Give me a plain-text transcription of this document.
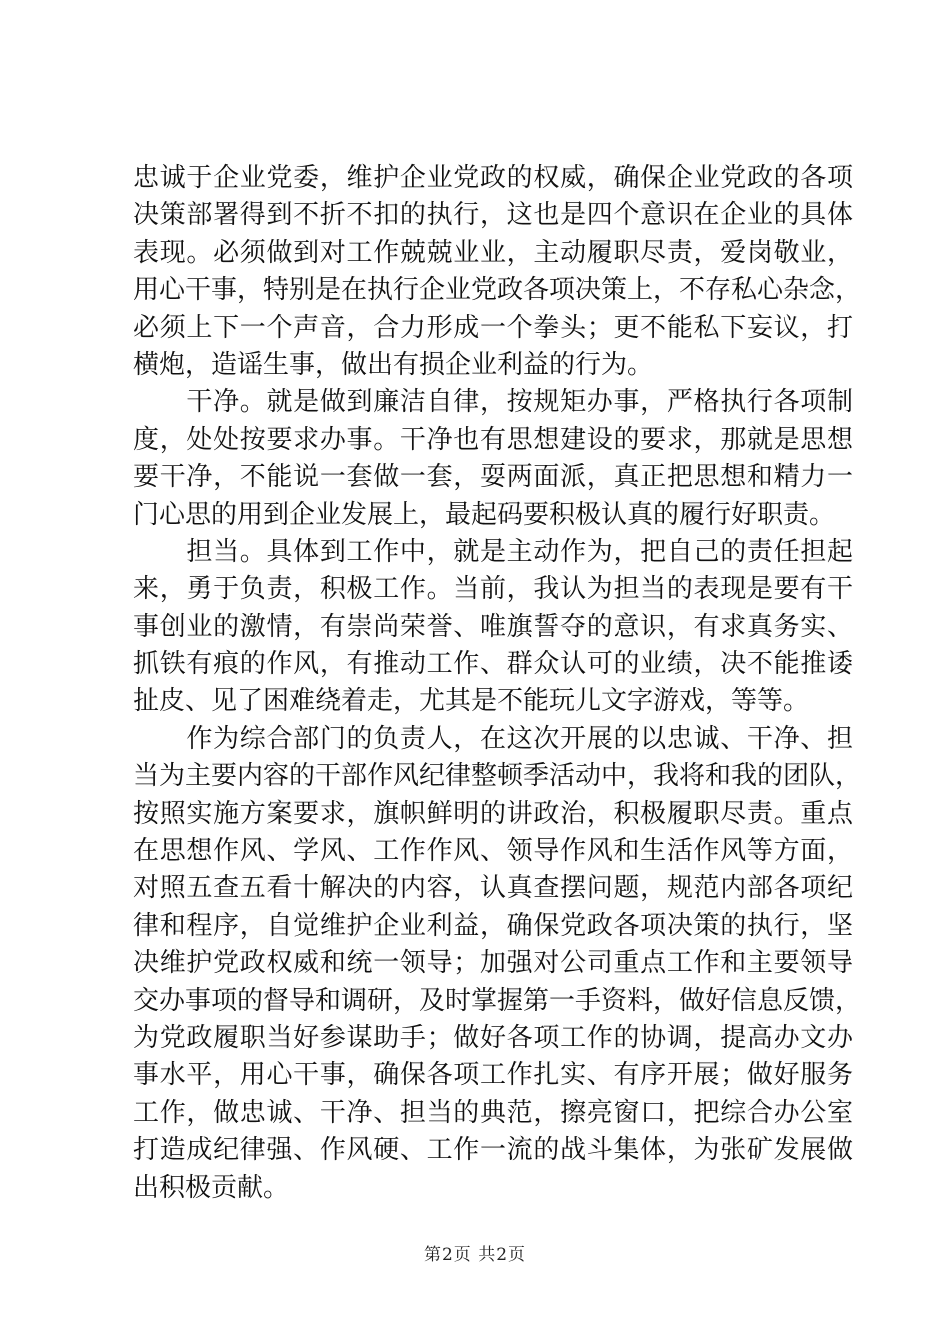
忠诚于企业党委，维护企业党政的权威，确保企业党政的各项
决策部署得到不折不扣的执行，这也是四个意识在企业的具体
表现。必须做到对工作兢兢业业，主动履职尽责，爱岗敬业，
用心干事，特别是在执行企业党政各项决策上，不存私心杂念，
必须上下一个声音，合力形成一个拳头；更不能私下妄议，打
横炮，造谣生事，做出有损企业利益的行为。
　　干净。就是做到廉洁自律，按规矩办事，严格执行各项制
度，处处按要求办事。干净也有思想建设的要求，那就是思想
要干净，不能说一套做一套，耍两面派，真正把思想和精力一
门心思的用到企业发展上，最起码要积极认真的履行好职责。
　　担当。具体到工作中，就是主动作为，把自己的责任担起
来，勇于负责，积极工作。当前，我认为担当的表现是要有干
事创业的激情，有崇尚荣誉、唯旗誓夺的意识，有求真务实、
抓铁有痕的作风，有推动工作、群众认可的业绩，决不能推诿
扯皮、见了困难绕着走，尤其是不能玩儿文字游戏，等等。
　　作为综合部门的负责人，在这次开展的以忠诚、干净、担
当为主要内容的干部作风纪律整顿季活动中，我将和我的团队，
按照实施方案要求，旗帜鲜明的讲政治，积极履职尽责。重点
在思想作风、学风、工作作风、领导作风和生活作风等方面，
对照五查五看十解决的内容，认真查摆问题，规范内部各项纪
律和程序，自觉维护企业利益，确保党政各项决策的执行，坚
决维护党政权威和统一领导；加强对公司重点工作和主要领导
交办事项的督导和调研，及时掌握第一手资料，做好信息反馈，
为党政履职当好参谋助手；做好各项工作的协调，提高办文办
事水平，用心干事，确保各项工作扎实、有序开展；做好服务
工作，做忠诚、干净、担当的典范，擦亮窗口，把综合办公室
打造成纪律强、作风硬、工作一流的战斗集体，为张矿发展做
出积极贡献。
第2页 共2页
